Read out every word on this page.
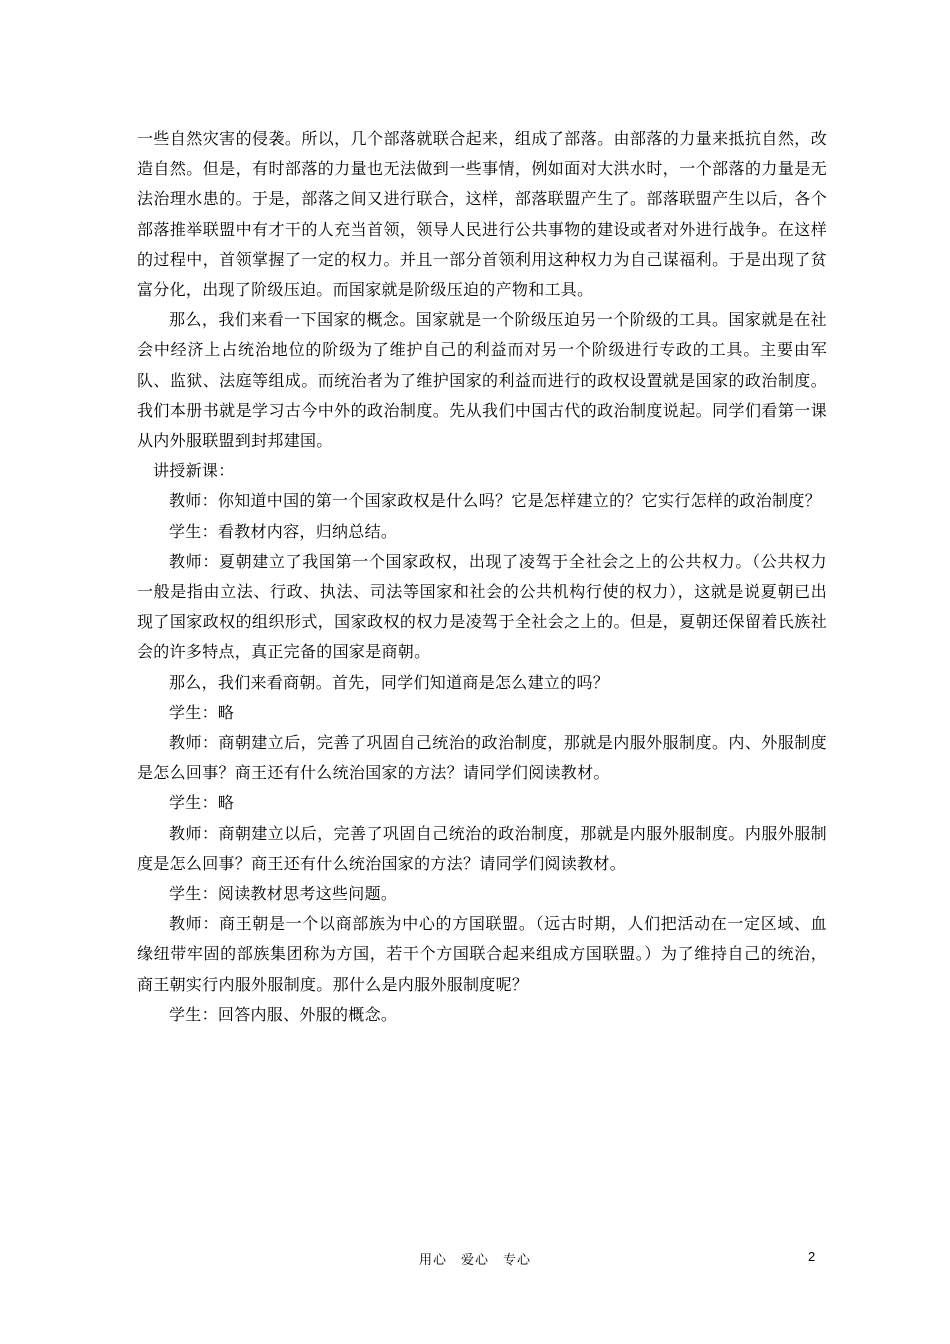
一些自然灾害的侵袭。所以，几个部落就联合起来，组成了部落。由部落的力量来抵抗自然，改造自然。但是，有时部落的力量也无法做到一些事情，例如面对大洪水时，一个部落的力量是无法治理水患的。于是，部落之间又进行联合，这样，部落联盟产生了。部落联盟产生以后，各个部落推举联盟中有才干的人充当首领，领导人民进行公共事物的建设或者对外进行战争。在这样的过程中，首领掌握了一定的权力。并且一部分首领利用这种权力为自己谋福利。于是出现了贫富分化，出现了阶级压迫。而国家就是阶级压迫的产物和工具。

那么，我们来看一下国家的概念。国家就是一个阶级压迫另一个阶级的工具。国家就是在社会中经济上占统治地位的阶级为了维护自己的利益而对另一个阶级进行专政的工具。主要由军队、监狱、法庭等组成。而统治者为了维护国家的利益而进行的政权设置就是国家的政治制度。我们本册书就是学习古今中外的政治制度。先从我们中国古代的政治制度说起。同学们看第一课从内外服联盟到封邦建国。

讲授新课：

教师：你知道中国的第一个国家政权是什么吗？它是怎样建立的？它实行怎样的政治制度？

学生：看教材内容，归纳总结。

教师：夏朝建立了我国第一个国家政权，出现了凌驾于全社会之上的公共权力。（公共权力一般是指由立法、行政、执法、司法等国家和社会的公共机构行使的权力），这就是说夏朝已出现了国家政权的组织形式，国家政权的权力是凌驾于全社会之上的。但是，夏朝还保留着氏族社会的许多特点，真正完备的国家是商朝。

那么，我们来看商朝。首先，同学们知道商是怎么建立的吗？

学生：略

教师：商朝建立后，完善了巩固自己统治的政治制度，那就是内服外服制度。内、外服制度是怎么回事？商王还有什么统治国家的方法？请同学们阅读教材。

学生：略

教师：商朝建立以后，完善了巩固自己统治的政治制度，那就是内服外服制度。内服外服制度是怎么回事？商王还有什么统治国家的方法？请同学们阅读教材。

学生：阅读教材思考这些问题。

教师：商王朝是一个以商部族为中心的方国联盟。（远古时期，人们把活动在一定区域、血缘纽带牢固的部族集团称为方国，若干个方国联合起来组成方国联盟。）为了维持自己的统治，商王朝实行内服外服制度。那什么是内服外服制度呢？

学生：回答内服、外服的概念。

用心　爱心　专心	2
